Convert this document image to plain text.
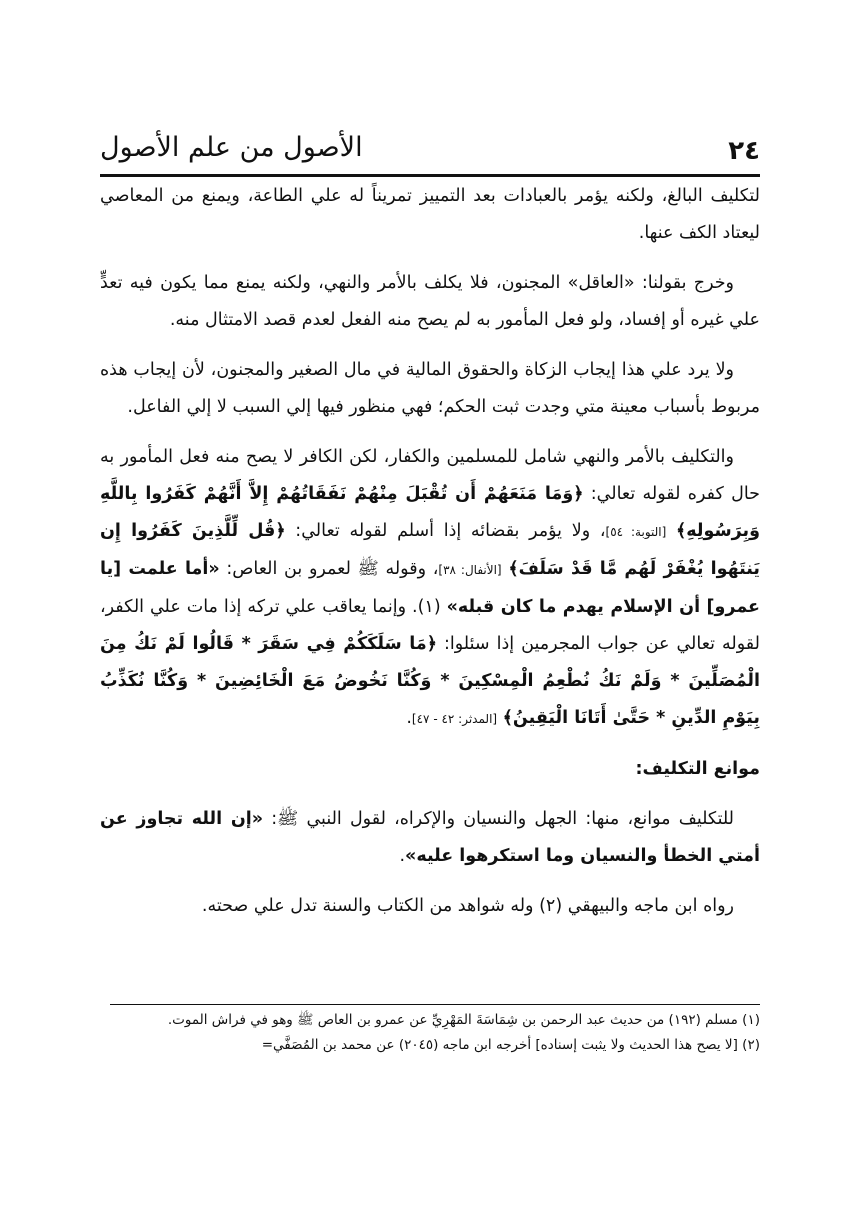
٢٤
الأصول من علم الأصول

لتكليف البالغ، ولكنه يؤمر بالعبادات بعد التمييز تمريناً له علي الطاعة، ويمنع من المعاصي ليعتاد الكف عنها.

وخرج بقولنا: «العاقل» المجنون، فلا يكلف بالأمر والنهي، ولكنه يمنع مما يكون فيه تعدٍّ علي غيره أو إفساد، ولو فعل المأمور به لم يصح منه الفعل لعدم قصد الامتثال منه.

ولا يرد علي هذا إيجاب الزكاة والحقوق المالية في مال الصغير والمجنون، لأن إيجاب هذه مربوط بأسباب معينة متي وجدت ثبت الحكم؛ فهي منظور فيها إلي السبب لا إلي الفاعل.

والتكليف بالأمر والنهي شامل للمسلمين والكفار، لكن الكافر لا يصح منه فعل المأمور به حال كفره لقوله تعالي: ﴿وَمَا مَنَعَهُمْ أَن تُقْبَلَ مِنْهُمْ نَفَقَاتُهُمْ إِلاَّ أَنَّهُمْ كَفَرُوا بِاللَّهِ وَبِرَسُولِهِ﴾ [التوبة: ٥٤]، ولا يؤمر بقضائه إذا أسلم لقوله تعالي: ﴿قُل لِّلَّذِينَ كَفَرُوا إِن يَنتَهُوا يُغْفَرْ لَهُم مَّا قَدْ سَلَفَ﴾ [الأنفال: ٣٨]، وقوله ﷺ لعمرو بن العاص: «أما علمت [يا عمرو] أن الإسلام يهدم ما كان قبله» (١). وإنما يعاقب علي تركه إذا مات علي الكفر، لقوله تعالي عن جواب المجرمين إذا سئلوا: ﴿مَا سَلَكَكُمْ فِي سَقَرَ * قَالُوا لَمْ نَكُ مِنَ الْمُصَلِّينَ * وَلَمْ نَكُ نُطْعِمُ الْمِسْكِينَ * وَكُنَّا نَخُوضُ مَعَ الْخَائِضِينَ * وَكُنَّا نُكَذِّبُ بِيَوْمِ الدِّينِ * حَتَّىٰ أَتَانَا الْيَقِينُ﴾ [المدثر: ٤٢ - ٤٧].

موانع التكليف:

للتكليف موانع، منها: الجهل والنسيان والإكراه، لقول النبي ﷺ: «إن الله تجاوز عن أمتي الخطأ والنسيان وما استكرهوا عليه».

رواه ابن ماجه والبيهقي (٢) وله شواهد من الكتاب والسنة تدل علي صحته.

(١) مسلم (١٩٢) من حديث عبد الرحمن بن شِمَاسَةَ المَهْرِيِّ عن عمرو بن العاص ﷺ وهو في فراش الموت.

(٢) [لا يصح هذا الحديث ولا يثبت إسناده] أخرجه ابن ماجه (٢٠٤٥) عن محمد بن المُصَفَّي=
